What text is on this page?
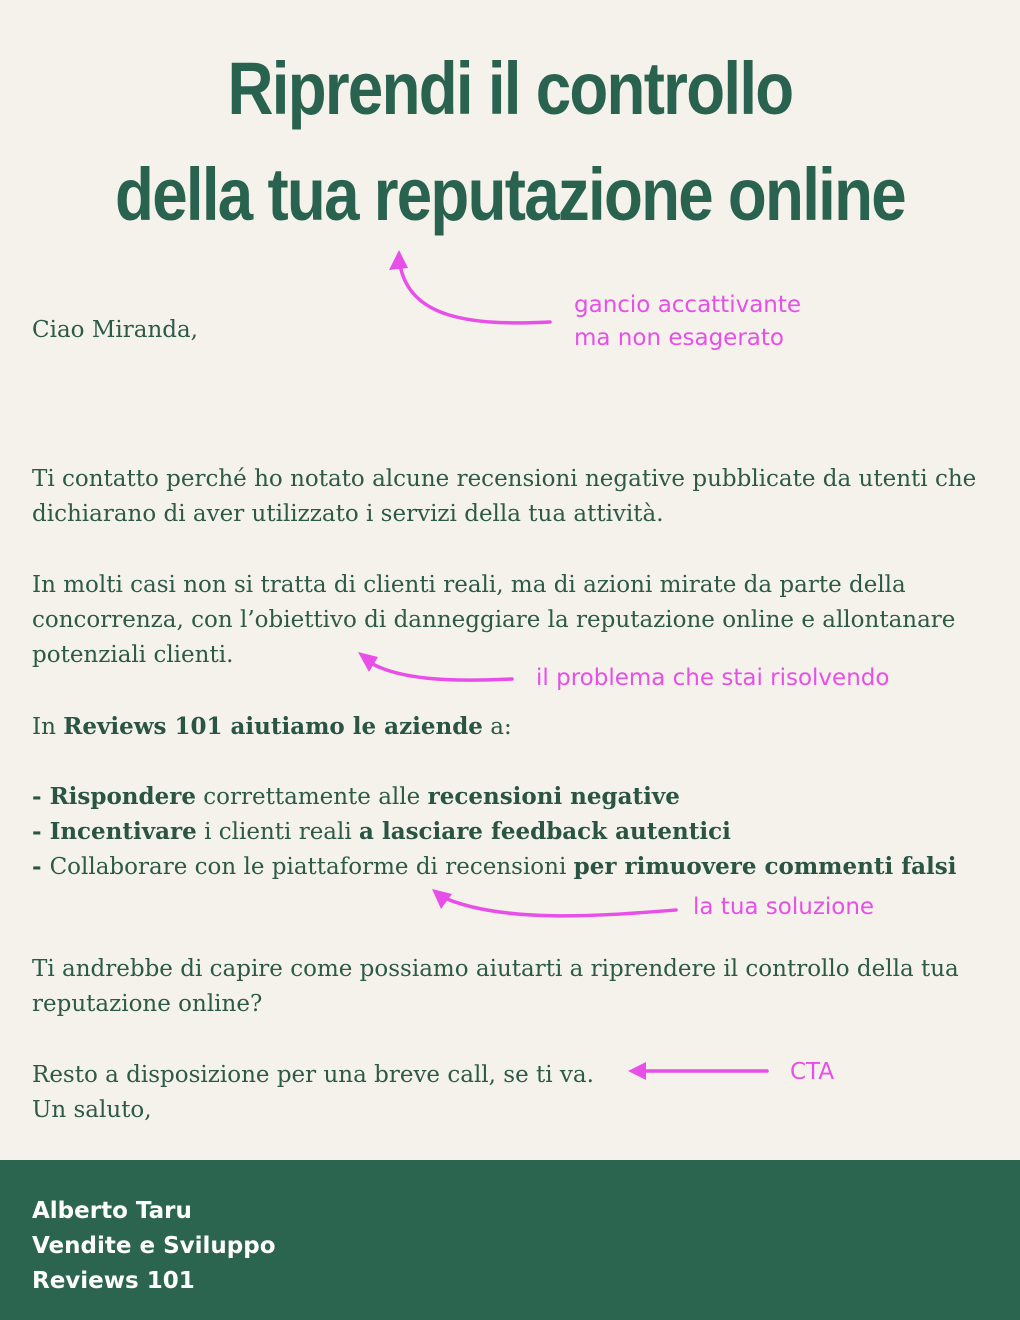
Riprendi il controllo
della tua reputazione online

Ciao Miranda,

Ti contatto perché ho notato alcune recensioni negative pubblicate da utenti che dichiarano di aver utilizzato i servizi della tua attività.

In molti casi non si tratta di clienti reali, ma di azioni mirate da parte della concorrenza, con l’obiettivo di danneggiare la reputazione online e allontanare potenziali clienti.

In Reviews 101 aiutiamo le aziende a:

- Rispondere correttamente alle recensioni negative

- Incentivare i clienti reali a lasciare feedback autentici

- Collaborare con le piattaforme di recensioni per rimuovere commenti falsi

Ti andrebbe di capire come possiamo aiutarti a riprendere il controllo della tua reputazione online?

Resto a disposizione per una breve call, se ti va.

Un saluto,

gancio accattivante

ma non esagerato

il problema che stai risolvendo

la tua soluzione

CTA

Alberto Taru

Vendite e Sviluppo

Reviews 101
